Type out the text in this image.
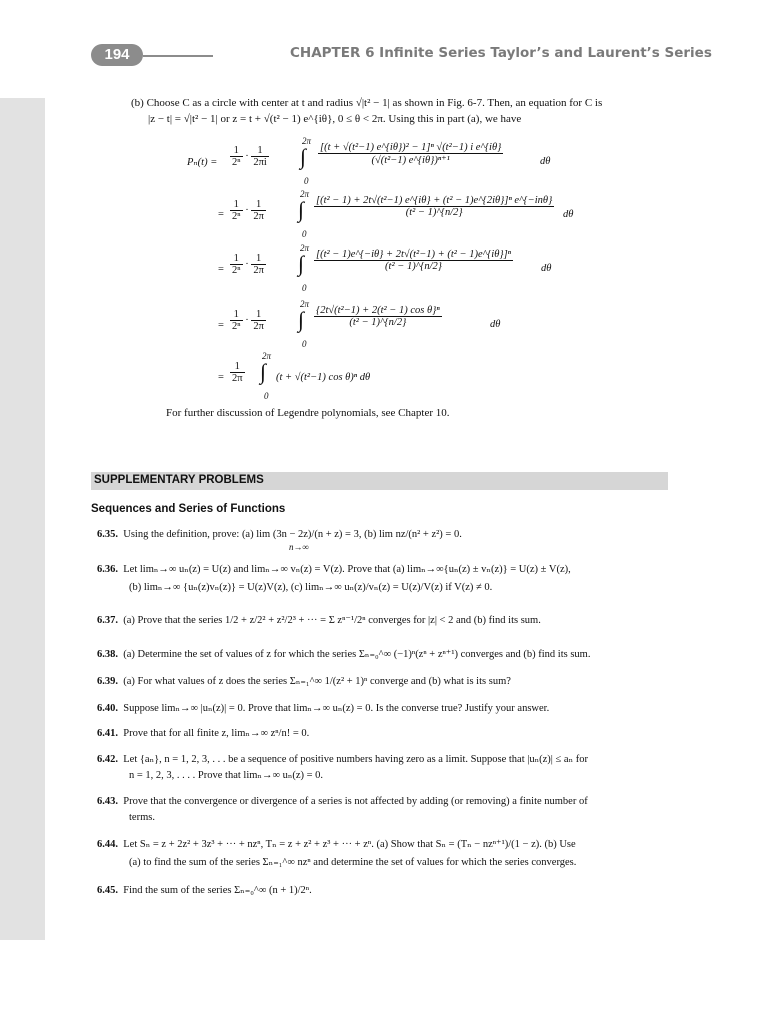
194	CHAPTER 6 Infinite Series Taylor’s and Laurent’s Series
(b) Choose C as a circle with center at t and radius √|t² − 1| as shown in Fig. 6-7. Then, an equation for C is
|z − t| = √|t² − 1| or z = t + √(t² − 1) e^{iθ}, 0 ≤ θ < 2π. Using this in part (a), we have
$P_n(t) = \frac{1}{\text{2ⁿ}} \cdot \frac{1}{2\pi i}$
2π
∫
0
$\frac{\text{[(t + √(t²−1) e\textasciicircum{}\{iθ\})² − 1]ⁿ √(t²−1) i e\textasciicircum{}\{iθ\}}}{\text{(√(t²−1) e\textasciicircum{}\{iθ\})ⁿ⁺¹}}$	dθ
= $\frac{1}{\text{2ⁿ}} \cdot \frac{1}{2\pi}$
2π
∫
0
$\frac{\text{[(t² − 1) + 2t√(t²−1) e\textasciicircum{}\{iθ\} + (t² − 1)e\textasciicircum{}\{2iθ\}]ⁿ e\textasciicircum{}\{−inθ\}}}{\text{(t² − 1)\textasciicircum{}\{n/2\}}}$ dθ
= $\frac{1}{\text{2ⁿ}} \cdot \frac{1}{2\pi}$
2π
∫
0
$\frac{\text{[(t² − 1)e\textasciicircum{}\{−iθ\} + 2t√(t²−1) + (t² − 1)e\textasciicircum{}\{iθ\}]ⁿ}}{\text{(t² − 1)\textasciicircum{}\{n/2\}}}$	dθ
= $\frac{1}{\text{2ⁿ}} \cdot \frac{1}{2\pi}$
2π
∫
0
$\frac{\text{\{2t√(t²−1) + 2(t² − 1) cos θ\}ⁿ}}{\text{(t² − 1)\textasciicircum{}\{n/2\}}}$	dθ
= $\frac{1}{2\pi}$
2π
∫
0
(t + √(t²−1) cos θ)ⁿ dθ
For further discussion of Legendre polynomials, see Chapter 10.
SUPPLEMENTARY PROBLEMS
Sequences and Series of Functions
6.35. Using the definition, prove: (a) lim (3n − 2z)/(n + z) = 3, (b) lim nz/(n² + z²) = 0.
n→∞
6.36. Let limₙ→∞ uₙ(z) = U(z) and limₙ→∞ vₙ(z) = V(z). Prove that (a) limₙ→∞{uₙ(z) ± vₙ(z)} = U(z) ± V(z),
(b) limₙ→∞ {uₙ(z)vₙ(z)} = U(z)V(z), (c) limₙ→∞ uₙ(z)/vₙ(z) = U(z)/V(z) if V(z) ≠ 0.
6.37. (a) Prove that the series 1/2 + z/2² + z²/2³ + ··· = Σ zⁿ⁻¹/2ⁿ converges for |z| < 2 and (b) find its sum.
6.38. (a) Determine the set of values of z for which the series Σₙ₌₀^∞ (−1)ⁿ(zⁿ + zⁿ⁺¹) converges and (b) find its sum.
6.39. (a) For what values of z does the series Σₙ₌₁^∞ 1/(z² + 1)ⁿ converge and (b) what is its sum?
6.40. Suppose limₙ→∞ |uₙ(z)| = 0. Prove that limₙ→∞ uₙ(z) = 0. Is the converse true? Justify your answer.
6.41. Prove that for all finite z, limₙ→∞ zⁿ/n! = 0.
6.42. Let {aₙ}, n = 1, 2, 3, . . . be a sequence of positive numbers having zero as a limit. Suppose that |uₙ(z)| ≤ aₙ for
n = 1, 2, 3, . . . . Prove that limₙ→∞ uₙ(z) = 0.
6.43. Prove that the convergence or divergence of a series is not affected by adding (or removing) a finite number of
terms.
6.44. Let Sₙ = z + 2z² + 3z³ + ··· + nzⁿ, Tₙ = z + z² + z³ + ··· + zⁿ. (a) Show that Sₙ = (Tₙ − nzⁿ⁺¹)/(1 − z). (b) Use
(a) to find the sum of the series Σₙ₌₁^∞ nzⁿ and determine the set of values for which the series converges.
6.45. Find the sum of the series Σₙ₌₀^∞ (n + 1)/2ⁿ.
